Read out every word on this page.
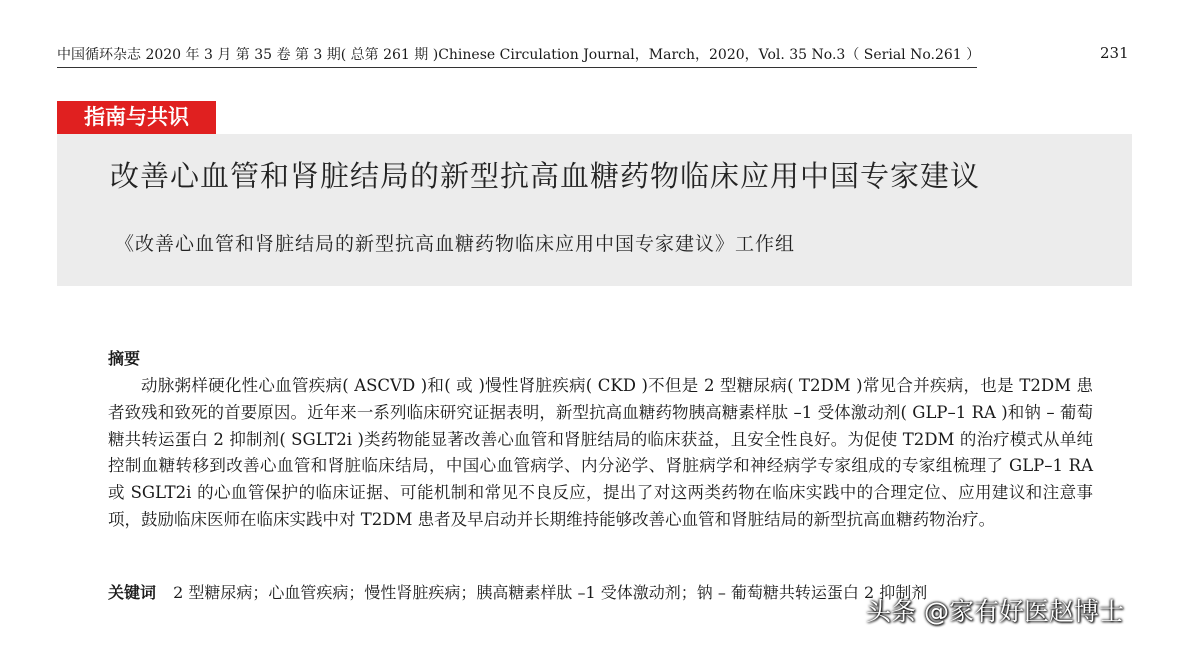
中国循环杂志 2020 年 3 月 第 35 卷 第 3 期( 总第 261 期 )Chinese Circulation Journal，March，2020，Vol. 35 No.3（ Serial No.261 ）	231
指南与共识
改善心血管和肾脏结局的新型抗高血糖药物临床应用中国专家建议
《改善心血管和肾脏结局的新型抗高血糖药物临床应用中国专家建议》工作组
摘要

动脉粥样硬化性心血管疾病( ASCVD )和( 或 )慢性肾脏疾病( CKD )不但是 2 型糖尿病( T2DM )常见合并疾病，也是 T2DM 患者致残和致死的首要原因。近年来一系列临床研究证据表明，新型抗高血糖药物胰高糖素样肽 –1 受体激动剂( GLP–1 RA )和钠 – 葡萄糖共转运蛋白 2 抑制剂( SGLT2i )类药物能显著改善心血管和肾脏结局的临床获益，且安全性良好。为促使 T2DM 的治疗模式从单纯控制血糖转移到改善心血管和肾脏临床结局，中国心血管病学、内分泌学、肾脏病学和神经病学专家组成的专家组梳理了 GLP–1 RA 或 SGLT2i 的心血管保护的临床证据、可能机制和常见不良反应，提出了对这两类药物在临床实践中的合理定位、应用建议和注意事项，鼓励临床医师在临床实践中对 T2DM 患者及早启动并长期维持能够改善心血管和肾脏结局的新型抗高血糖药物治疗。

关键词 2 型糖尿病；心血管疾病；慢性肾脏疾病；胰高糖素样肽 –1 受体激动剂；钠 – 葡萄糖共转运蛋白 2 抑制剂
头条 @家有好医赵博士
